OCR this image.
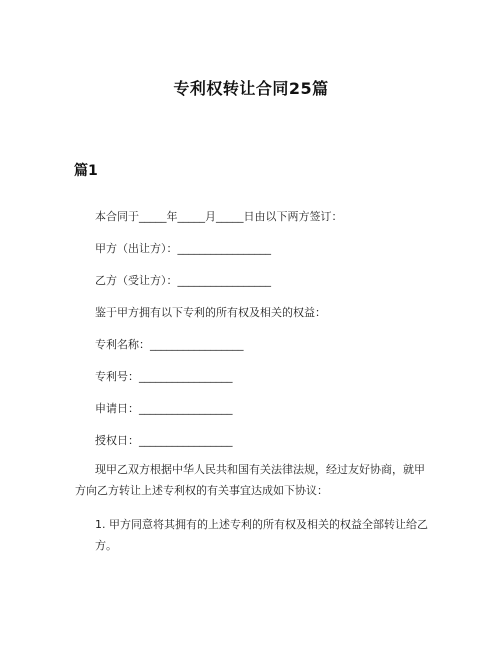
专利权转让合同25篇
篇1
本合同于_____年_____月_____日由以下两方签订：
甲方（出让方）：_________________
乙方（受让方）：_________________
鉴于甲方拥有以下专利的所有权及相关的权益：
专利名称：_________________
专利号：_________________
申请日：_________________
授权日：_________________
现甲乙双方根据中华人民共和国有关法律法规，经过友好协商，就甲方向乙方转让上述专利权的有关事宜达成如下协议：
1. 甲方同意将其拥有的上述专利的所有权及相关的权益全部转让给乙方。
